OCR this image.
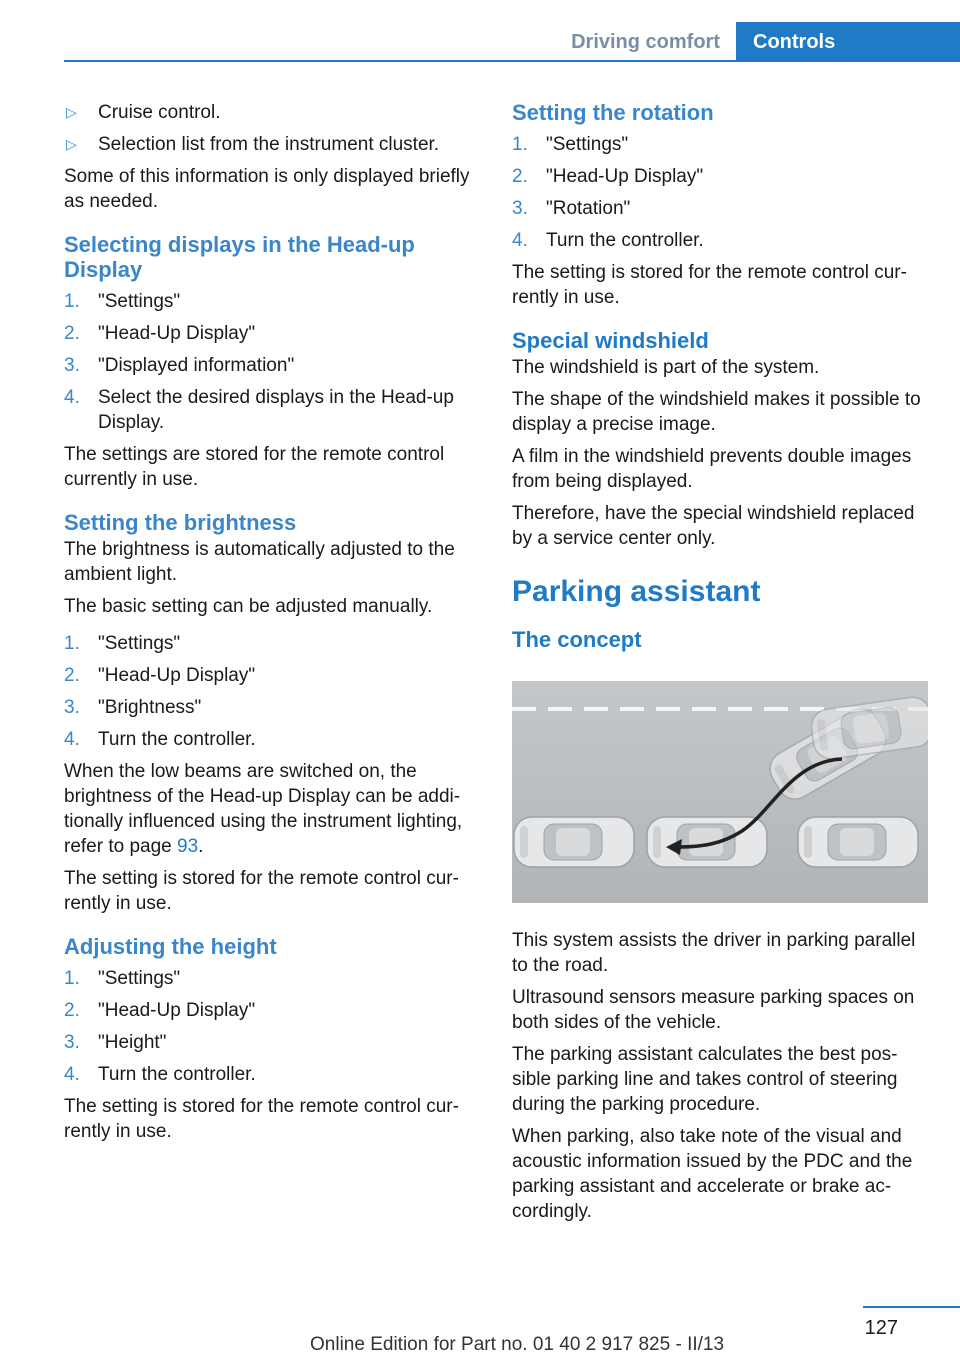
Driving comfort	Controls
▷ Cruise control.
▷ Selection list from the instrument cluster.

Some of this information is only displayed briefly as needed.

Selecting displays in the Head-up Display
1. "Settings"
2. "Head-Up Display"
3. "Displayed information"
4. Select the desired displays in the Head-up Display.

The settings are stored for the remote control currently in use.

Setting the brightness

The brightness is automatically adjusted to the ambient light.

The basic setting can be adjusted manually.

1. "Settings"
2. "Head-Up Display"
3. "Brightness"
4. Turn the controller.

When the low beams are switched on, the brightness of the Head-up Display can be addi‐tionally influenced using the instrument lighting, refer to page 93.

The setting is stored for the remote control cur‐rently in use.

Adjusting the height
1. "Settings"
2. "Head-Up Display"
3. "Height"
4. Turn the controller.

The setting is stored for the remote control cur‐rently in use.

Setting the rotation
1. "Settings"
2. "Head-Up Display"
3. "Rotation"
4. Turn the controller.

The setting is stored for the remote control cur‐rently in use.

Special windshield

The windshield is part of the system.

The shape of the windshield makes it possible to display a precise image.

A film in the windshield prevents double images from being displayed.

Therefore, have the special windshield replaced by a service center only.

Parking assistant
The concept

This system assists the driver in parking parallel to the road.

Ultrasound sensors measure parking spaces on both sides of the vehicle.

The parking assistant calculates the best pos‐sible parking line and takes control of steering during the parking procedure.

When parking, also take note of the visual and acoustic information issued by the PDC and the parking assistant and accelerate or brake ac‐cordingly.

127
Online Edition for Part no. 01 40 2 917 825 - II/13
